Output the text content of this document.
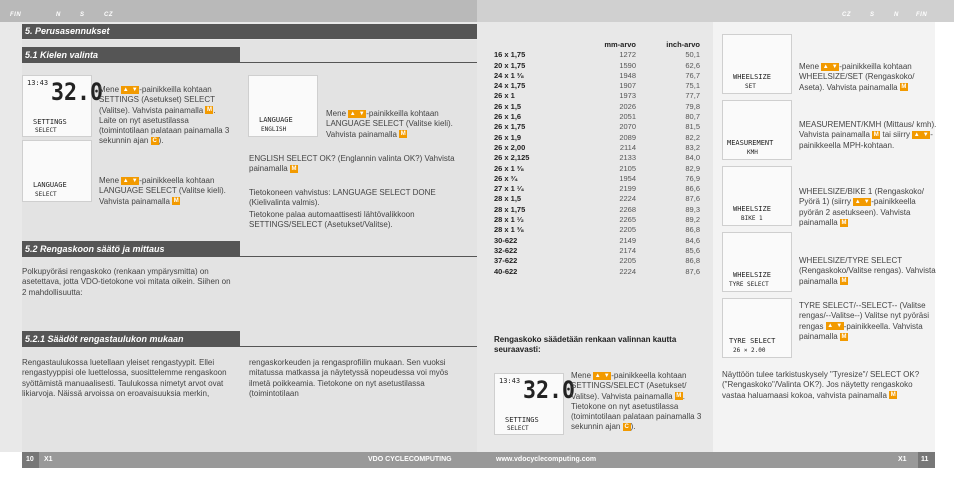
FIN	N	S	CZ
5. Perusasennukset
5.1 Kielen valinta
13:43 32.0
SETTINGS
SELECT
LANGUAGE
SELECT
LANGUAGE
ENGLISH
Mene ▲ ▼ -painikkeilla kohtaan SETTINGS (Asetukset) SELECT (Valitse). Vahvista painamalla M . Laite on nyt asetustilassa (toimintotilaan palataan painamalla 3 sekunnin ajan C ).
Mene ▲ ▼ -painikkeella kohtaan LANGUAGE SELECT (Valitse kieli). Vahvista painamalla M
Mene ▲ ▼ -painikkeilla kohtaan LANGUAGE SELECT (Valitse kieli). Vahvista painamalla M
ENGLISH SELECT OK? (Englannin valinta OK?) Vahvista painamalla M
Tietokoneen vahvistus: LANGUAGE SELECT DONE (Kielivalinta valmis).
Tietokone palaa automaattisesti lähtövalikkoon SETTINGS/SELECT (Asetukset/Valitse).
5.2 Rengaskoon säätö ja mittaus
Polkupyöräsi rengaskoko (renkaan ympärysmitta) on asetettava, jotta VDO-tietokone voi mitata oikein. Siihen on 2 mahdollisuutta:
5.2.1 Säädöt rengastaulukon mukaan
Rengastaulukossa luetellaan yleiset rengastyypit. Ellei rengastyyppisi ole luettelossa, suosittelemme rengaskoon syöttämistä manuaalisesti. Taulukossa nimetyt arvot ovat likiarvoja. Näissä arvoissa on eroavaisuuksia merkin,
rengaskorkeuden ja rengasprofiilin mukaan. Sen vuoksi mitatussa matkassa ja näytetyssä nopeudessa voi myös ilmetä poikkeamia. Tietokone on nyt asetustilassa (toimintotilaan
10 X1	VDO CYCLECOMPUTING
CZ	S	N	FIN
	mm-arvo	inch-arvo
16 x 1,75	1272	50,1
20 x 1,75	1590	62,6
24 x 1 ³⁄₈	1948	76,7
24 x 1,75	1907	75,1
26 x 1	1973	77,7
26 x 1,5	2026	79,8
26 x 1,6	2051	80,7
26 x 1,75	2070	81,5
26 x 1,9	2089	82,2
26 x 2,00	2114	83,2
26 x 2,125	2133	84,0
26 x 1 ³⁄₈	2105	82,9
26 x ³⁄₄	1954	76,9
27 x 1 ¹⁄₄	2199	86,6
28 x 1,5	2224	87,6
28 x 1,75	2268	89,3
28 x 1 ¹⁄₂	2265	89,2
28 x 1 ³⁄₈	2205	86,8
30-622	2149	84,6
32-622	2174	85,6
37-622	2205	86,8
40-622	2224	87,6
Rengaskoko säädetään renkaan valinnan kautta seuraavasti:
13:43 32.0
SETTINGS
SELECT
Mene ▲ ▼ -painikkeella kohtaan SETTINGS/SELECT (Asetukset/ Valitse). Vahvista painamalla M . Tietokone on nyt asetustilassa (toimintotilaan palataan painamalla 3 sekunnin ajan C ).
WHEELSIZE
SET
MEASUREMENT
KMH
WHEELSIZE
BIKE 1
WHEELSIZE
TYRE SELECT
TYRE SELECT
26 × 2.00
Mene ▲ ▼ -painikkeilla kohtaan WHEELSIZE/SET (Rengaskoko/ Aseta). Vahvista painamalla M
MEASUREMENT/KMH (Mittaus/ kmh). Vahvista painamalla M tai siirry ▲ ▼ -painikkeella MPH-kohtaan.
WHEELSIZE/BIKE 1 (Rengaskoko/ Pyörä 1) (siirry ▲ ▼ -painikkeella pyörän 2 asetukseen). Vahvista painamalla M
WHEELSIZE/TYRE SELECT (Rengaskoko/Valitse rengas). Vahvista painamalla M
TYRE SELECT/--SELECT-- (Valitse rengas/--Valitse--) Valitse nyt pyöräsi rengas ▲ ▼ -painikkeella. Vahvista painamalla M
Näyttöön tulee tarkistuskysely "Tyresize"/ SELECT OK? ("Rengaskoko"/Valinta OK?). Jos näytetty rengaskoko vastaa haluamaasi kokoa, vahvista painamalla M
www.vdocyclecomputing.com	X1 11
